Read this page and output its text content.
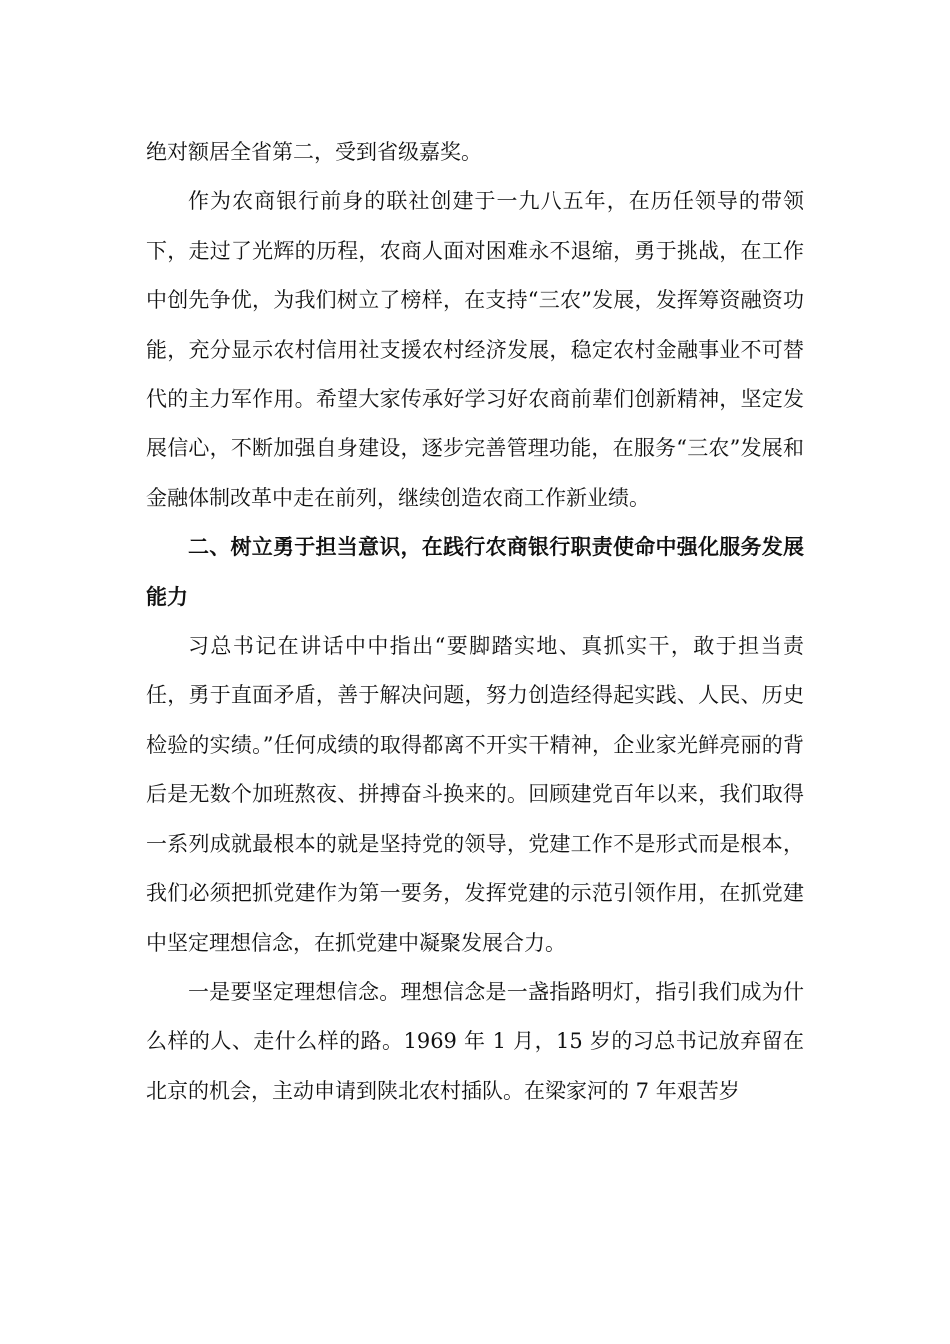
绝对额居全省第二，受到省级嘉奖。

作为农商银行前身的联社创建于一九八五年，在历任领导的带领下，走过了光辉的历程，农商人面对困难永不退缩，勇于挑战，在工作中创先争优，为我们树立了榜样，在支持“三农”发展，发挥筹资融资功能，充分显示农村信用社支援农村经济发展，稳定农村金融事业不可替代的主力军作用。希望大家传承好学习好农商前辈们创新精神，坚定发展信心，不断加强自身建设，逐步完善管理功能，在服务“三农”发展和金融体制改革中走在前列，继续创造农商工作新业绩。

二、树立勇于担当意识，在践行农商银行职责使命中强化服务发展能力

习总书记在讲话中中指出“要脚踏实地、真抓实干，敢于担当责任，勇于直面矛盾，善于解决问题，努力创造经得起实践、人民、历史检验的实绩。”任何成绩的取得都离不开实干精神，企业家光鲜亮丽的背后是无数个加班熬夜、拼搏奋斗换来的。回顾建党百年以来，我们取得一系列成就最根本的就是坚持党的领导，党建工作不是形式而是根本，我们必须把抓党建作为第一要务，发挥党建的示范引领作用，在抓党建中坚定理想信念，在抓党建中凝聚发展合力。

一是要坚定理想信念。理想信念是一盏指路明灯，指引我们成为什么样的人、走什么样的路。1969 年 1 月，15 岁的习总书记放弃留在北京的机会，主动申请到陕北农村插队。在梁家河的 7 年艰苦岁
